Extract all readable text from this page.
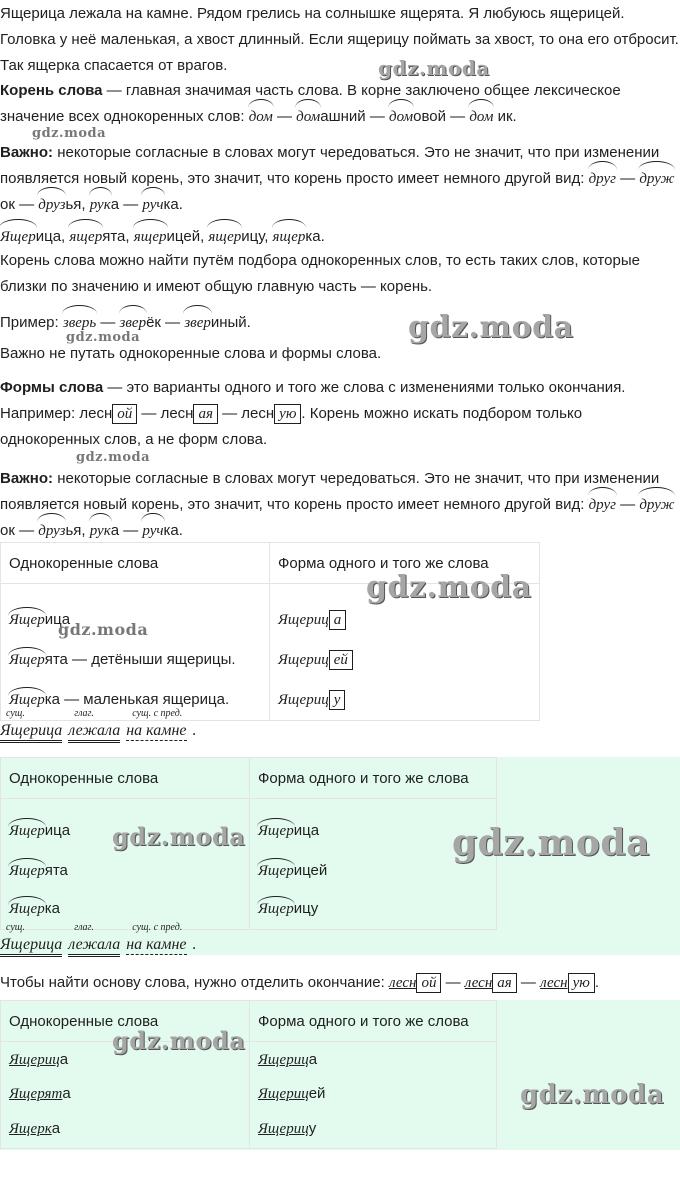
Ящерица лежала на камне. Рядом грелись на солнышке ящерята. Я любуюсь ящерицей. Головка у неё маленькая, а хвост длинный. Если ящерицу поймать за хвост, то она его отбросит. Так ящерка спасается от врагов.

Корень слова — главная значимая часть слова. В корне заключено общее лексическое значение всех однокоренных слов: дом — домашний — домовой — дом ик.
Важно: некоторые согласные в словах могут чередоваться. Это не значит, что при изменении появляется новый корень, это значит, что корень просто имеет немного другой вид: друг — дружок — друзья, рука — ручка.
Ящерица, ящерята, ящерицей, ящерицу, ящерка.

Корень слова можно найти путём подбора однокоренных слов, то есть таких слов, которые близки по значению и имеют общую главную часть — корень.

Пример: зверь — зверёк — звериный.

Важно не путать однокоренные слова и формы слова.

Формы слова — это варианты одного и того же слова с изменениями только окончания. Например: лесн ой — лесн ая — лесн ую . Корень можно искать подбором только однокоренных слов, а не форм слова.
Важно: некоторые согласные в словах могут чередоваться. Это не значит, что при изменении появляется новый корень, это значит, что корень просто имеет немного другой вид: друг — дружок — друзья, рука — ручка.
Однокоренные слова	Форма одного и того же слова
Ящерица	Ящериц а
Ящерята — детёныши ящерицы.	Ящериц ей
Ящерка — маленькая ящерица.	Ящериц у
сущ.
Ящерица
глаг.
лежала
сущ. с пред.
на камне .
Однокоренные слова	Форма одного и того же слова
Ящерица	Ящерица
Ящерята	Ящерицей
Ящерка	Ящерицу
сущ.
Ящерица
глаг.
лежала
сущ. с пред.
на камне .
Чтобы найти основу слова, нужно отделить окончание: лесн ой — лесн ая — лесн ую .
Однокоренные слова	Форма одного и того же слова
Ящерица	Ящерица
Ящерята	Ящерицей
Ящерка	Ящерицу
gdz.moda
gdz.moda
gdz.moda	gdz.moda
gdz.moda
gdz.moda
gdz.moda
gdz.moda	gdz.moda
gdz.moda
gdz.moda
